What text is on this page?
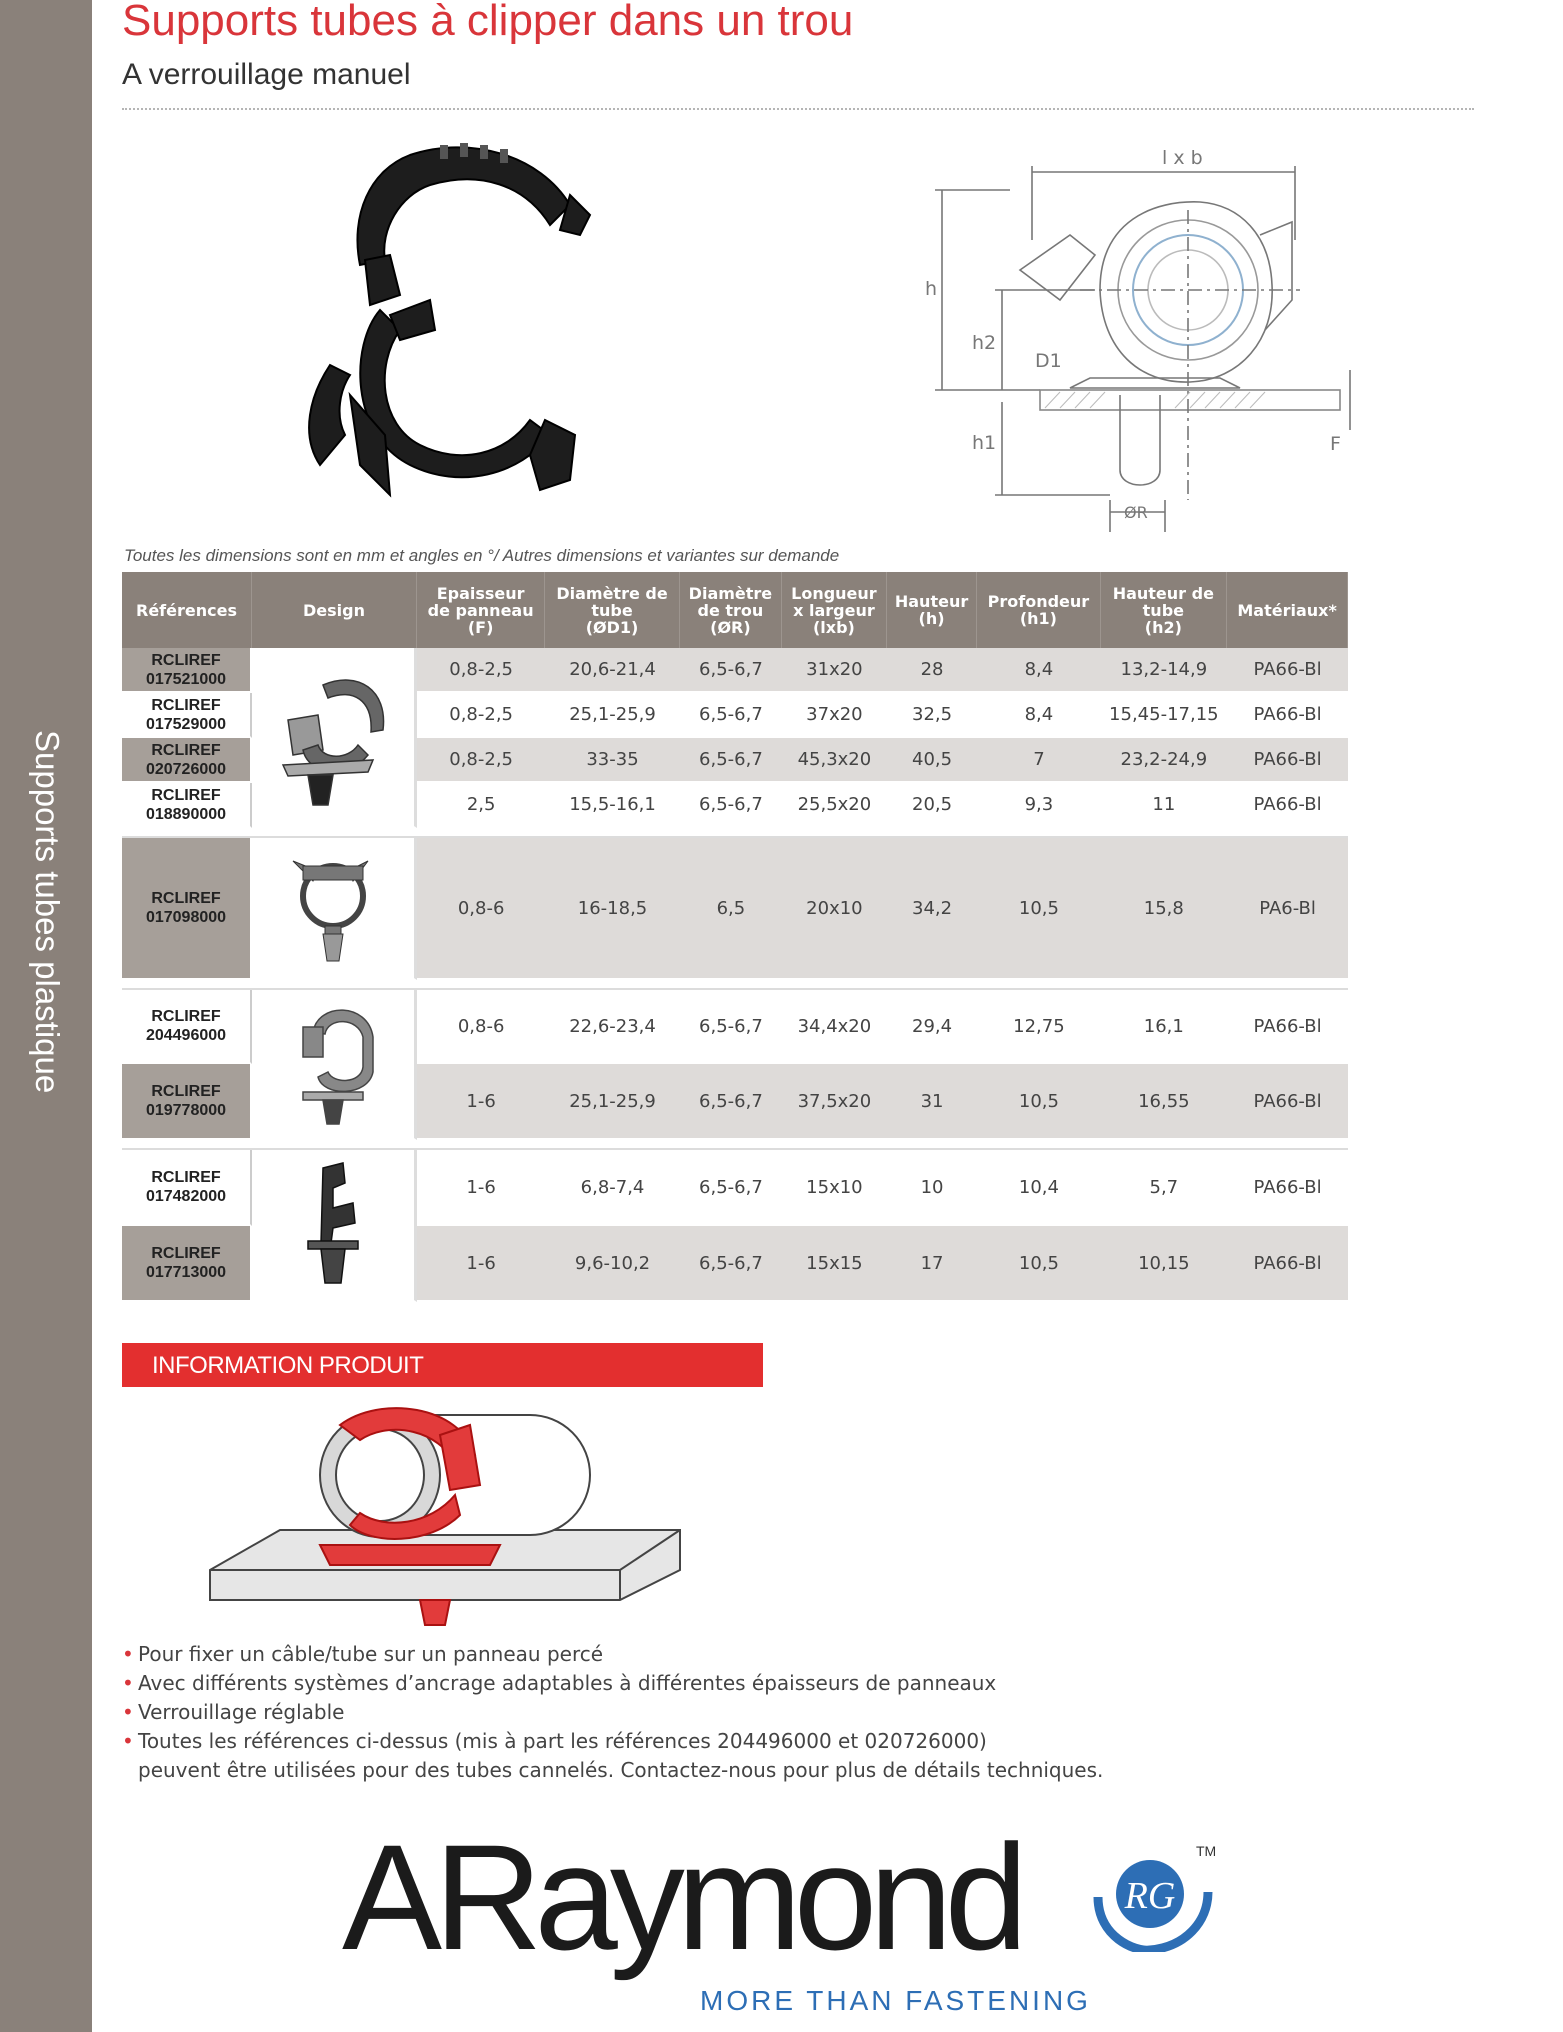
Supports tubes plastique
Supports tubes à clipper dans un trou
A verrouillage manuel
l x b
h
h2
h1
D1
F
ØR
Toutes les dimensions sont en mm et angles en °/ Autres dimensions et variantes sur demande
Références	Design	Epaisseur
de panneau
(F)	Diamètre de
tube
(ØD1)	Diamètre
de trou
(ØR)	Longueur
x largeur
(lxb)	Hauteur
(h)	Profondeur
(h1)	Hauteur de
tube
(h2)	Matériaux*
RCLIREF
017521000		0,8-2,5	20,6-21,4	6,5-6,7	31x20	28	8,4	13,2-14,9	PA66-Bl
RCLIREF
017529000		0,8-2,5	25,1-25,9	6,5-6,7	37x20	32,5	8,4	15,45-17,15	PA66-Bl
RCLIREF
020726000		0,8-2,5	33-35	6,5-6,7	45,3x20	40,5	7	23,2-24,9	PA66-Bl
RCLIREF
018890000		2,5	15,5-16,1	6,5-6,7	25,5x20	20,5	9,3	11	PA66-Bl

RCLIREF
017098000		0,8-6	16-18,5	6,5	20x10	34,2	10,5	15,8	PA6-Bl

RCLIREF
204496000		0,8-6	22,6-23,4	6,5-6,7	34,4x20	29,4	12,75	16,1	PA66-Bl
RCLIREF
019778000		1-6	25,1-25,9	6,5-6,7	37,5x20	31	10,5	16,55	PA66-Bl

RCLIREF
017482000		1-6	6,8-7,4	6,5-6,7	15x10	10	10,4	5,7	PA66-Bl
RCLIREF
017713000		1-6	9,6-10,2	6,5-6,7	15x15	17	10,5	10,15	PA66-Bl
INFORMATION PRODUIT
• Pour fixer un câble/tube sur un panneau percé
• Avec différents systèmes d’ancrage adaptables à différentes épaisseurs de panneaux
• Verrouillage réglable
• Toutes les références ci-dessus (mis à part les références 204496000 et 020726000)
peuvent être utilisées pour des tubes cannelés. Contactez-nous pour plus de détails techniques.
ARaymond	RG
TM
MORE THAN FASTENING
